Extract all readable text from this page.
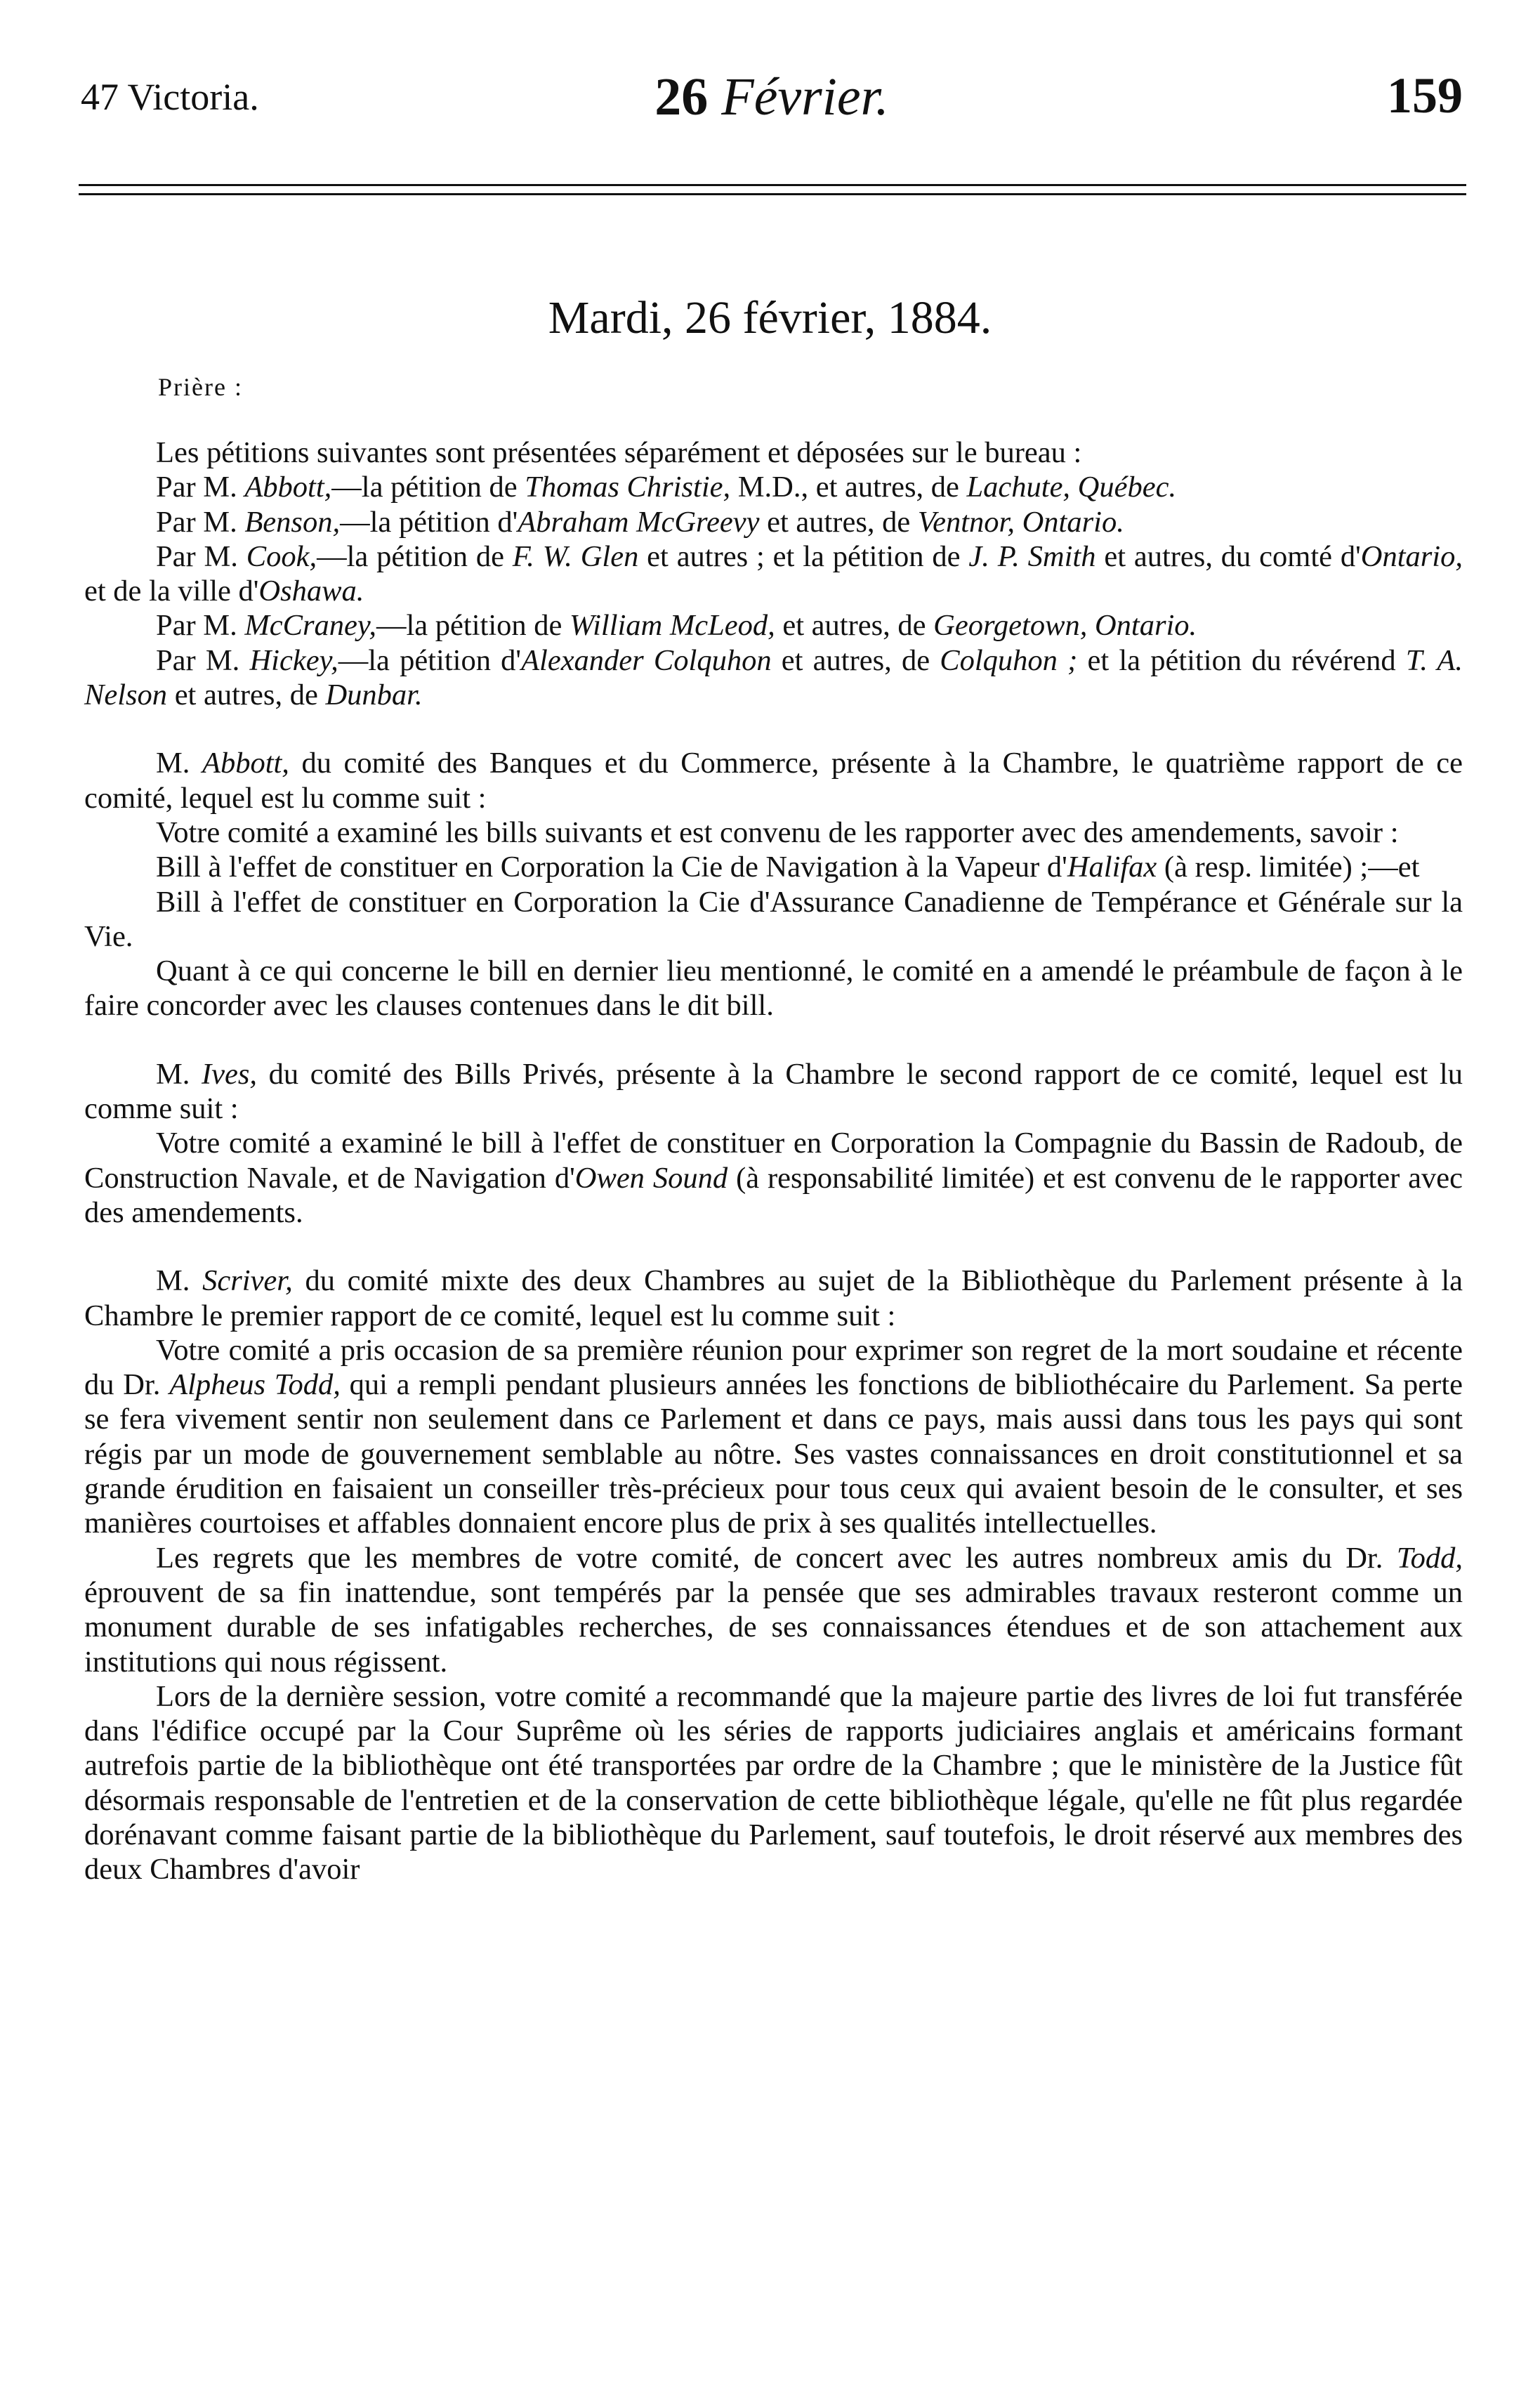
47 Victoria.	26 Février.	159
Mardi, 26 février, 1884.
Prière :

Les pétitions suivantes sont présentées séparément et déposées sur le bureau :

Par M. Abbott,—la pétition de Thomas Christie, M.D., et autres, de Lachute, Québec.

Par M. Benson,—la pétition d'Abraham McGreevy et autres, de Ventnor, Ontario.

Par M. Cook,—la pétition de F. W. Glen et autres ; et la pétition de J. P. Smith et autres, du comté d'Ontario, et de la ville d'Oshawa.

Par M. McCraney,—la pétition de William McLeod, et autres, de Georgetown, Ontario.

Par M. Hickey,—la pétition d'Alexander Colquhon et autres, de Colquhon ; et la pétition du révérend T. A. Nelson et autres, de Dunbar.

M. Abbott, du comité des Banques et du Commerce, présente à la Chambre, le quatrième rapport de ce comité, lequel est lu comme suit :

Votre comité a examiné les bills suivants et est convenu de les rapporter avec des amendements, savoir :

Bill à l'effet de constituer en Corporation la Cie de Navigation à la Vapeur d'Halifax (à resp. limitée) ;—et

Bill à l'effet de constituer en Corporation la Cie d'Assurance Canadienne de Tempérance et Générale sur la Vie.

Quant à ce qui concerne le bill en dernier lieu mentionné, le comité en a amendé le préambule de façon à le faire concorder avec les clauses contenues dans le dit bill.

M. Ives, du comité des Bills Privés, présente à la Chambre le second rapport de ce comité, lequel est lu comme suit :

Votre comité a examiné le bill à l'effet de constituer en Corporation la Compagnie du Bassin de Radoub, de Construction Navale, et de Navigation d'Owen Sound (à responsabilité limitée) et est convenu de le rapporter avec des amendements.

M. Scriver, du comité mixte des deux Chambres au sujet de la Bibliothèque du Parlement présente à la Chambre le premier rapport de ce comité, lequel est lu comme suit :

Votre comité a pris occasion de sa première réunion pour exprimer son regret de la mort soudaine et récente du Dr. Alpheus Todd, qui a rempli pendant plusieurs années les fonctions de bibliothécaire du Parlement. Sa perte se fera vivement sentir non seulement dans ce Parlement et dans ce pays, mais aussi dans tous les pays qui sont régis par un mode de gouvernement semblable au nôtre. Ses vastes connaissances en droit constitutionnel et sa grande érudition en faisaient un conseiller très-précieux pour tous ceux qui avaient besoin de le consulter, et ses manières courtoises et affables donnaient encore plus de prix à ses qualités intellectuelles.

Les regrets que les membres de votre comité, de concert avec les autres nombreux amis du Dr. Todd, éprouvent de sa fin inattendue, sont tempérés par la pensée que ses admirables travaux resteront comme un monument durable de ses infatigables recherches, de ses connaissances étendues et de son attachement aux institutions qui nous régissent.

Lors de la dernière session, votre comité a recommandé que la majeure partie des livres de loi fut transférée dans l'édifice occupé par la Cour Suprême où les séries de rapports judiciaires anglais et américains formant autrefois partie de la bibliothèque ont été transportées par ordre de la Chambre ; que le ministère de la Justice fût désormais responsable de l'entretien et de la conservation de cette bibliothèque légale, qu'elle ne fût plus regardée dorénavant comme faisant partie de la bibliothèque du Parlement, sauf toutefois, le droit réservé aux membres des deux Chambres d'avoir
